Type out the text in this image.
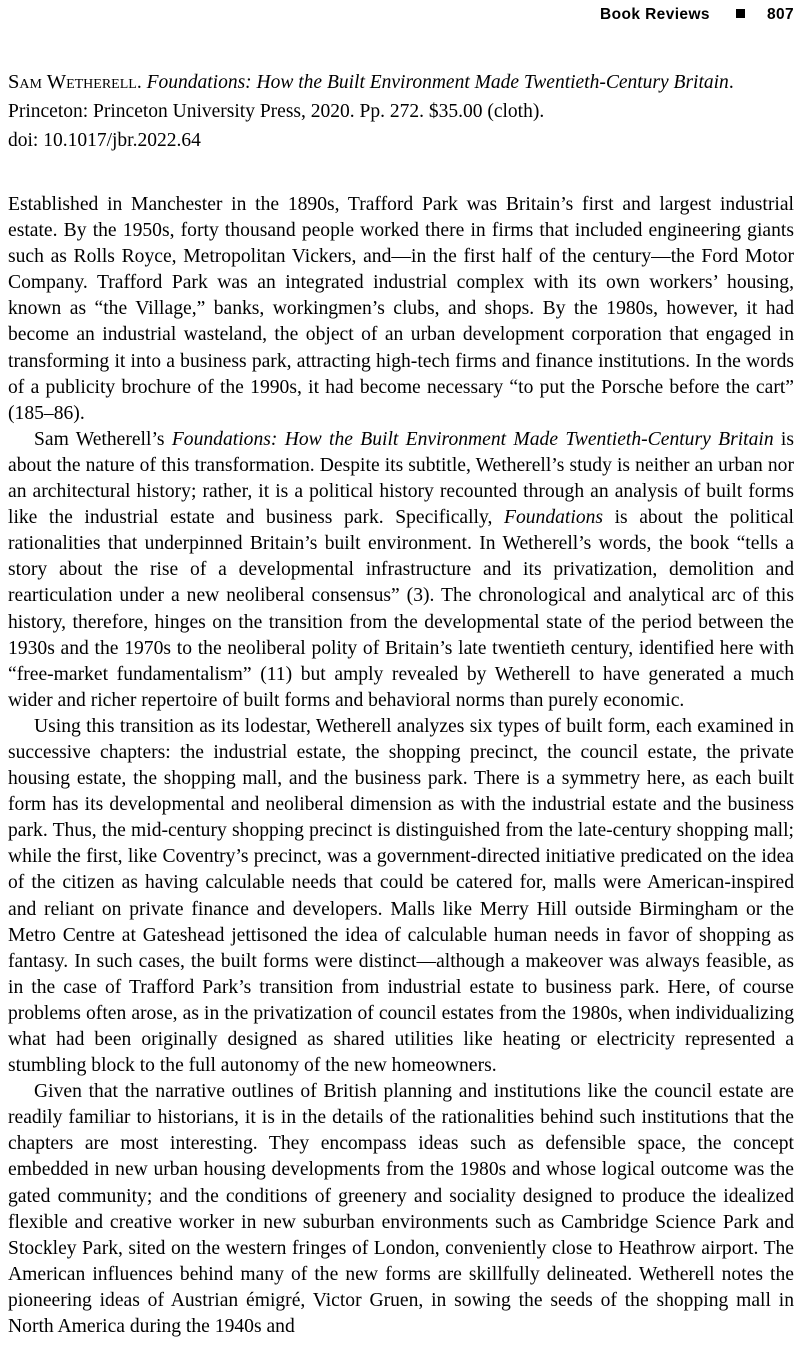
Book Reviews	807
Sam Wetherell. Foundations: How the Built Environment Made Twentieth-Century Britain.
Princeton: Princeton University Press, 2020. Pp. 272. $35.00 (cloth).
doi: 10.1017/jbr.2022.64

Established in Manchester in the 1890s, Trafford Park was Britain’s first and largest industrial estate. By the 1950s, forty thousand people worked there in firms that included engineering giants such as Rolls Royce, Metropolitan Vickers, and—in the first half of the century—the Ford Motor Company. Trafford Park was an integrated industrial complex with its own workers’ housing, known as “the Village,” banks, workingmen’s clubs, and shops. By the 1980s, however, it had become an industrial wasteland, the object of an urban development corporation that engaged in transforming it into a business park, attracting high-tech firms and finance institutions. In the words of a publicity brochure of the 1990s, it had become necessary “to put the Porsche before the cart” (185–86).

Sam Wetherell’s Foundations: How the Built Environment Made Twentieth-Century Britain is about the nature of this transformation. Despite its subtitle, Wetherell’s study is neither an urban nor an architectural history; rather, it is a political history recounted through an analysis of built forms like the industrial estate and business park. Specifically, Foundations is about the political rationalities that underpinned Britain’s built environment. In Wetherell’s words, the book “tells a story about the rise of a developmental infrastructure and its privatization, demolition and rearticulation under a new neoliberal consensus” (3). The chronological and analytical arc of this history, therefore, hinges on the transition from the developmental state of the period between the 1930s and the 1970s to the neoliberal polity of Britain’s late twentieth century, identified here with “free-market fundamentalism” (11) but amply revealed by Wetherell to have generated a much wider and richer repertoire of built forms and behavioral norms than purely economic.

Using this transition as its lodestar, Wetherell analyzes six types of built form, each examined in successive chapters: the industrial estate, the shopping precinct, the council estate, the private housing estate, the shopping mall, and the business park. There is a symmetry here, as each built form has its developmental and neoliberal dimension as with the industrial estate and the business park. Thus, the mid-century shopping precinct is distinguished from the late-century shopping mall; while the first, like Coventry’s precinct, was a government-directed initiative predicated on the idea of the citizen as having calculable needs that could be catered for, malls were American-inspired and reliant on private finance and developers. Malls like Merry Hill outside Birmingham or the Metro Centre at Gateshead jettisoned the idea of calculable human needs in favor of shopping as fantasy. In such cases, the built forms were distinct—although a makeover was always feasible, as in the case of Trafford Park’s transition from industrial estate to business park. Here, of course problems often arose, as in the privatization of council estates from the 1980s, when individualizing what had been originally designed as shared utilities like heating or electricity represented a stumbling block to the full autonomy of the new homeowners.

Given that the narrative outlines of British planning and institutions like the council estate are readily familiar to historians, it is in the details of the rationalities behind such institutions that the chapters are most interesting. They encompass ideas such as defensible space, the concept embedded in new urban housing developments from the 1980s and whose logical outcome was the gated community; and the conditions of greenery and sociality designed to produce the idealized flexible and creative worker in new suburban environments such as Cambridge Science Park and Stockley Park, sited on the western fringes of London, conveniently close to Heathrow airport. The American influences behind many of the new forms are skillfully delineated. Wetherell notes the pioneering ideas of Austrian émigré, Victor Gruen, in sowing the seeds of the shopping mall in North America during the 1940s and
